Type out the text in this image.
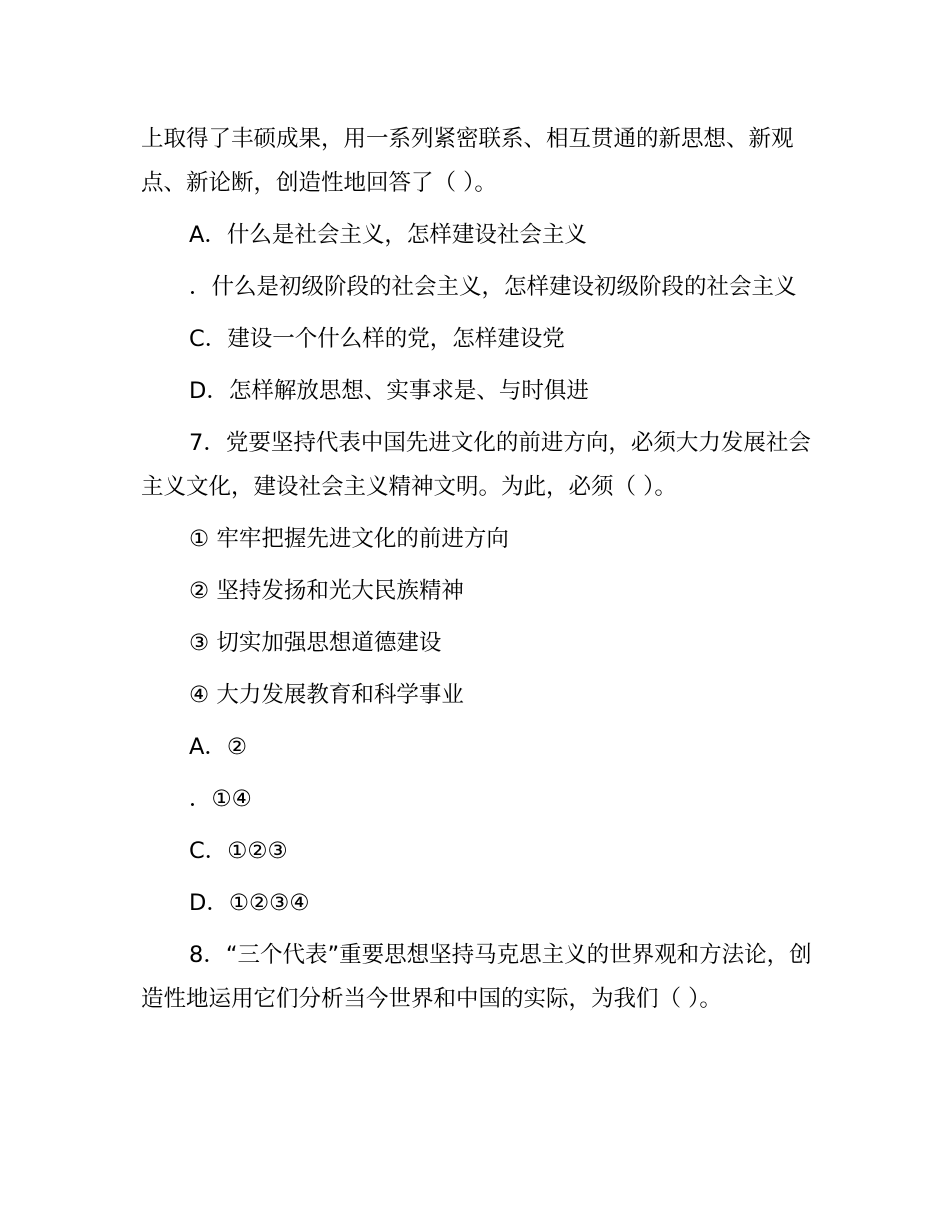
上取得了丰硕成果，用一系列紧密联系、相互贯通的新思想、新观点、新论断，创造性地回答了（ ）。

A．什么是社会主义，怎样建设社会主义

．什么是初级阶段的社会主义，怎样建设初级阶段的社会主义

C．建设一个什么样的党，怎样建设党

D．怎样解放思想、实事求是、与时俱进

7．党要坚持代表中国先进文化的前进方向，必须大力发展社会主义文化，建设社会主义精神文明。为此，必须（ ）。

① 牢牢把握先进文化的前进方向

② 坚持发扬和光大民族精神

③ 切实加强思想道德建设

④ 大力发展教育和科学事业

A．②

．①④

C．①②③

D．①②③④

8．“三个代表”重要思想坚持马克思主义的世界观和方法论，创造性地运用它们分析当今世界和中国的实际，为我们（ ）。
